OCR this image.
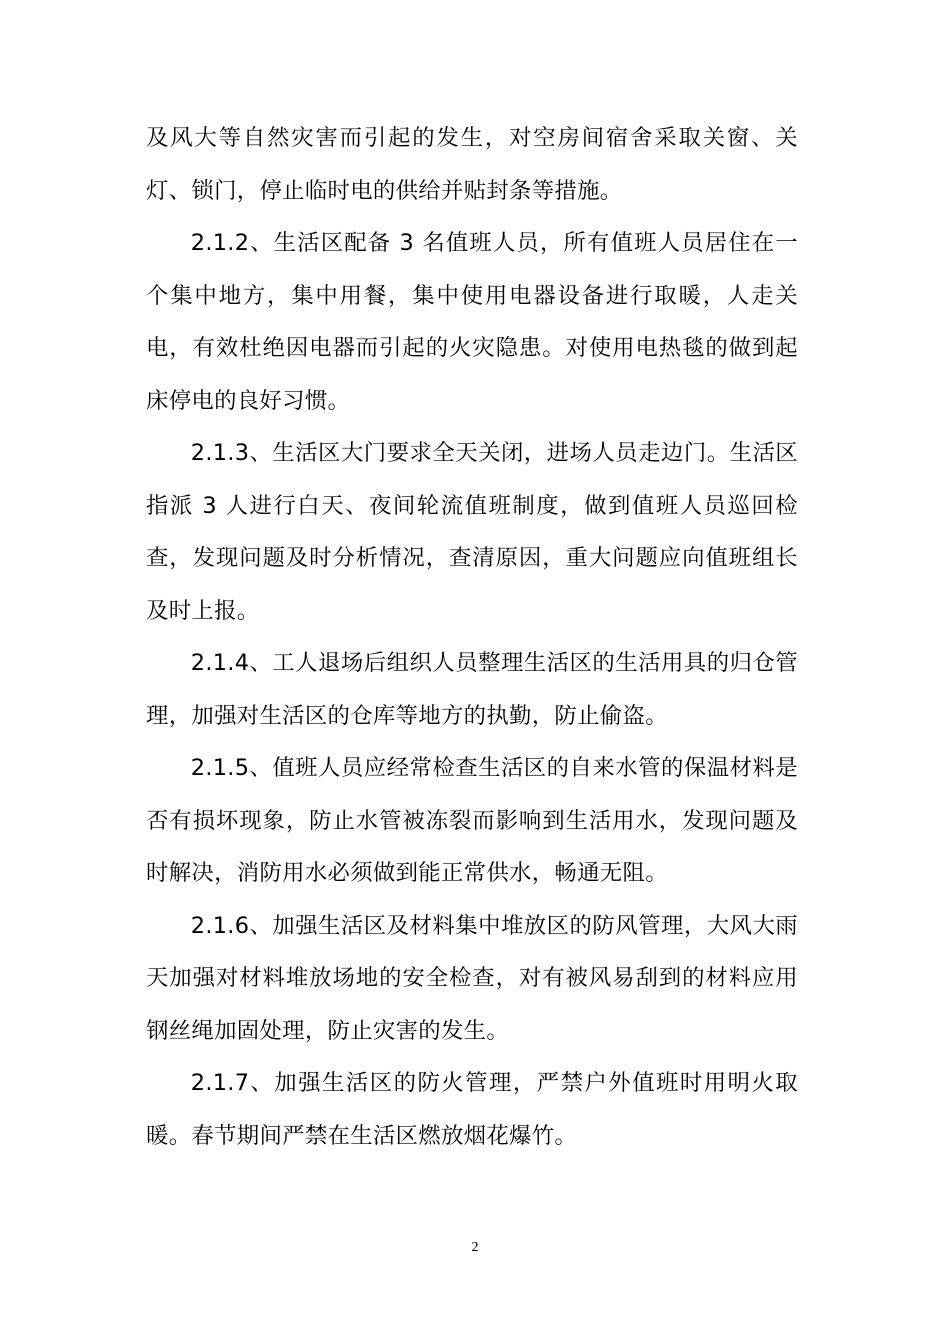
及风大等自然灾害而引起的发生，对空房间宿舍采取关窗、关灯、锁门，停止临时电的供给并贴封条等措施。

2.1.2、生活区配备 3 名值班人员，所有值班人员居住在一个集中地方，集中用餐，集中使用电器设备进行取暖，人走关电，有效杜绝因电器而引起的火灾隐患。对使用电热毯的做到起床停电的良好习惯。

2.1.3、生活区大门要求全天关闭，进场人员走边门。生活区指派 3 人进行白天、夜间轮流值班制度，做到值班人员巡回检查，发现问题及时分析情况，查清原因，重大问题应向值班组长及时上报。

2.1.4、工人退场后组织人员整理生活区的生活用具的归仓管理，加强对生活区的仓库等地方的执勤，防止偷盗。

2.1.5、值班人员应经常检查生活区的自来水管的保温材料是否有损坏现象，防止水管被冻裂而影响到生活用水，发现问题及时解决，消防用水必须做到能正常供水，畅通无阻。

2.1.6、加强生活区及材料集中堆放区的防风管理，大风大雨天加强对材料堆放场地的安全检查，对有被风易刮到的材料应用钢丝绳加固处理，防止灾害的发生。

2.1.7、加强生活区的防火管理，严禁户外值班时用明火取暖。春节期间严禁在生活区燃放烟花爆竹。

2
